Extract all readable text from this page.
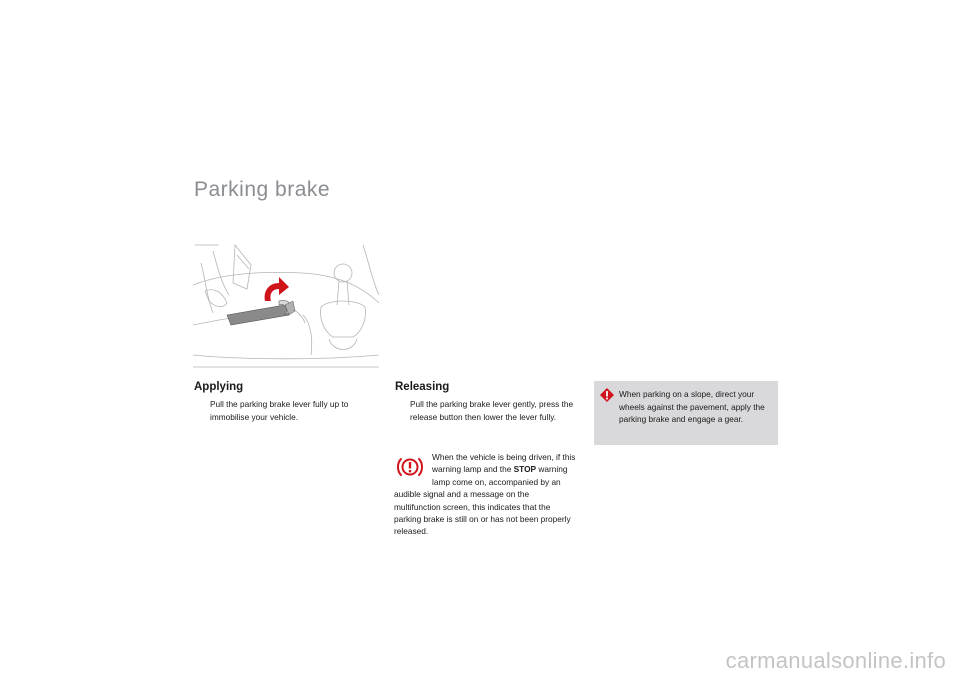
Parking brake
Applying
Pull the parking brake lever fully up to immobilise your vehicle.
Releasing
Pull the parking brake lever gently, press the release button then lower the lever fully.
When the vehicle is being driven, if this warning lamp and the STOP warning lamp come on, accompanied by an audible signal and a message on the multifunction screen, this indicates that the parking brake is still on or has not been properly released.
When parking on a slope, direct your wheels against the pavement, apply the parking brake and engage a gear.
carmanualsonline.info
